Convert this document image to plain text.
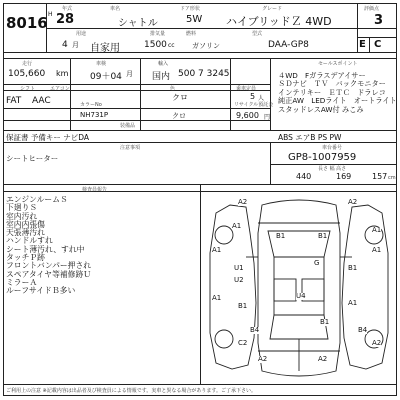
8016
年式	車名	ドア形状	グレード	評価点
H 28	シャトル	5W ハイブリッドＺ 4WD	3
4 月
用途
自家用
排気量
1500 cc
燃料
ガソリン
型式
DAA-GP8	E C
走行	車検	輸入
105,660 km 09＋04 月 国内 500 7 3245
シフト	エアコン	色	乗車定員
FAT AAC	クロ	5 人
カラーNo	リサイクル預託金
NH731P	クロ	9,600 円
セールスポイント
４WD　Fガラスデアイサー
ＳＤナビ　ＴＶ　バックモニター
インテリキー　ＥＴＣ　ドラレコ
純正AW　LEDライト　オートライト
スタッドレスAW付 みこみ
ABS エアB PS PW
装備品
保証書 予備キー ナビDA
注意事項
シートヒーター
車台番号
GP8-1007959
長さ 幅 高さ
440	169	157 cm
検査員報告
エンジンルームＳ
下廻りＳ
室内汚れ
室内内張傷
天張薄汚れ
ハンドルすれ
シート薄汚れ、すれ中
タッチＰ跡
フロントバンパー押され
スペアタイヤ等補修跡Ｕ
ミラーＡ
ルーフサイドＢ多い
A2	A2
A1
B1	B1
A1
A1
G
A1
U1
U2
B1
A1
B1
U4
A1
B4
B1
B4
C2	A2
A2	A2
ご利用上の注意 ※記載内容は出品者及び検査員による情報です。実車と異なる場合があります。ご了承下さい。
